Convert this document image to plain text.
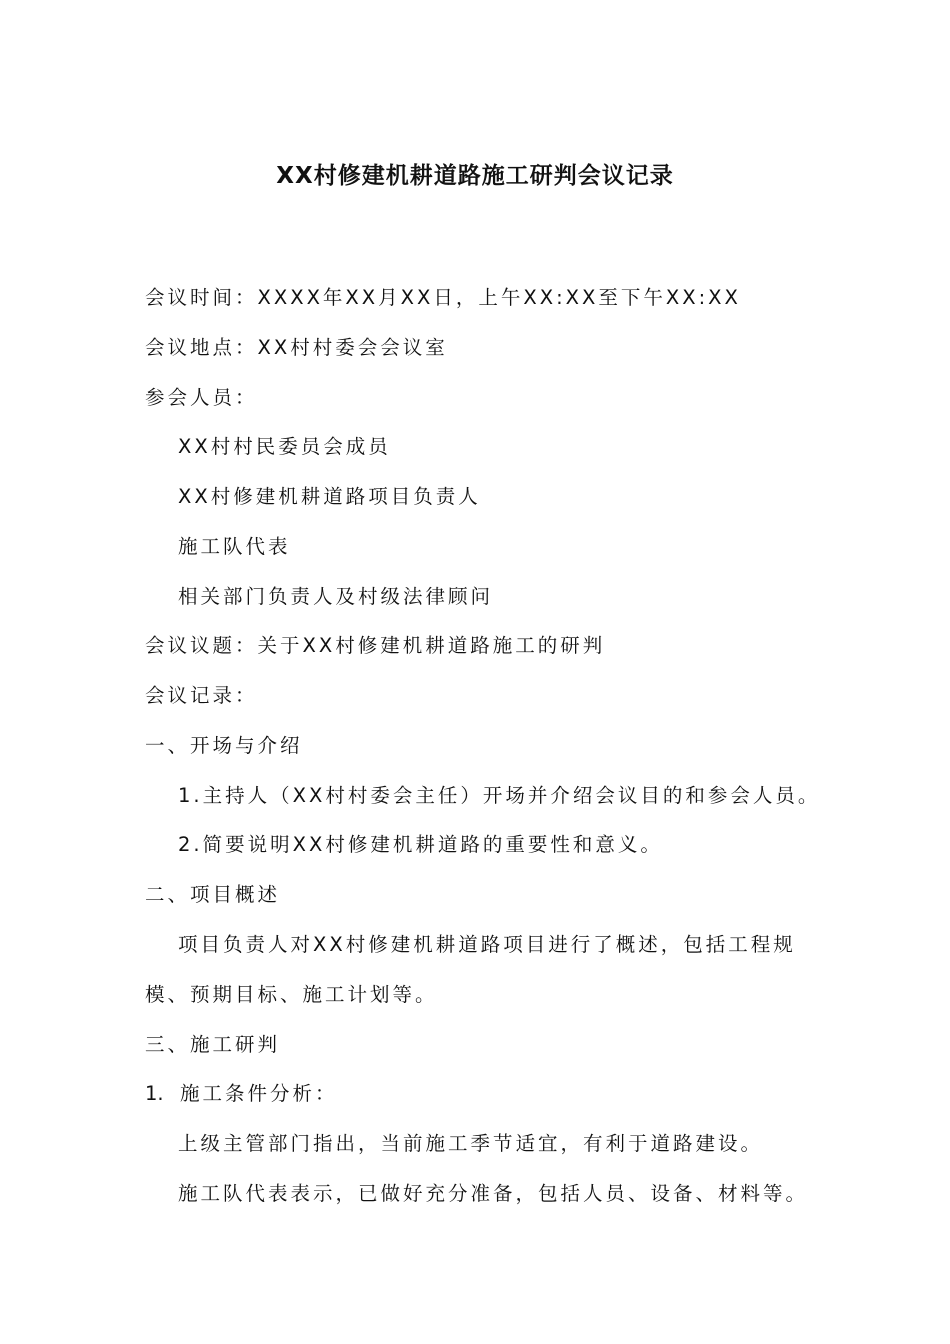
XX村修建机耕道路施工研判会议记录
会议时间：XXXX年XX月XX日，上午XX:XX至下午XX:XX
会议地点：XX村村委会会议室
参会人员：
XX村村民委员会成员
XX村修建机耕道路项目负责人
施工队代表
相关部门负责人及村级法律顾问
会议议题：关于XX村修建机耕道路施工的研判
会议记录：
一、开场与介绍
1.主持人（XX村村委会主任）开场并介绍会议目的和参会人员。
2.简要说明XX村修建机耕道路的重要性和意义。
二、项目概述
项目负责人对XX村修建机耕道路项目进行了概述，包括工程规
模、预期目标、施工计划等。
三、施工研判
1. 施工条件分析：
上级主管部门指出，当前施工季节适宜，有利于道路建设。
施工队代表表示，已做好充分准备，包括人员、设备、材料等。
